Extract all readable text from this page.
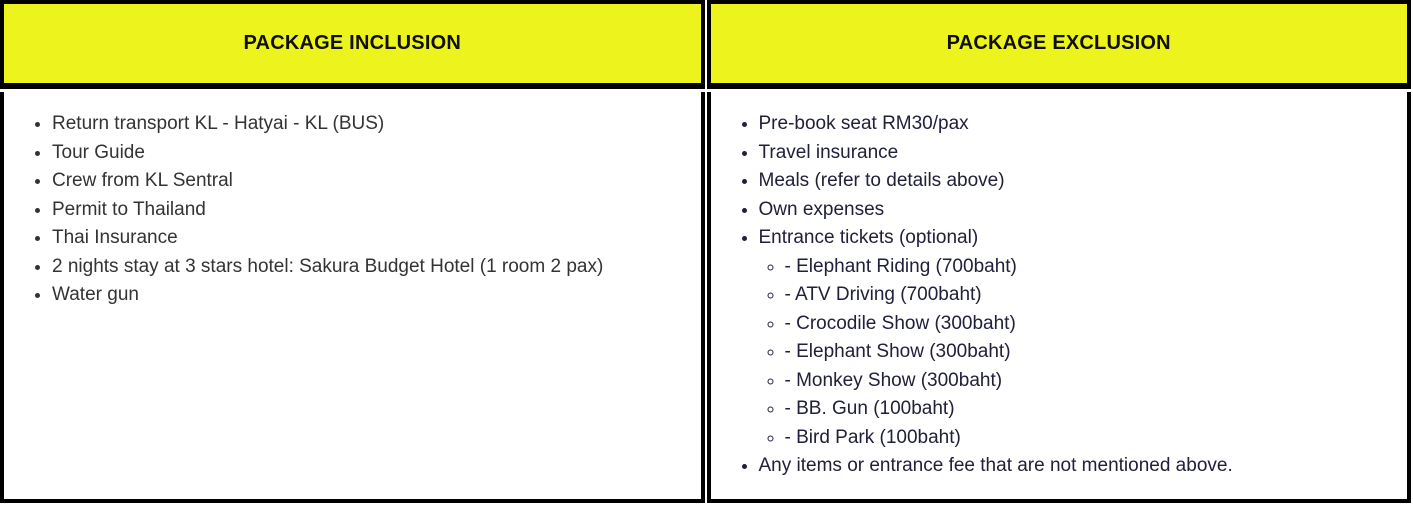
PACKAGE INCLUSION
• Return transport KL - Hatyai - KL (BUS)
• Tour Guide
• Crew from KL Sentral
• Permit to Thailand
• Thai Insurance
• 2 nights stay at 3 stars hotel: Sakura Budget Hotel (1 room 2 pax)
• Water gun
PACKAGE EXCLUSION
• Pre-book seat RM30/pax
• Travel insurance
• Meals (refer to details above)
• Own expenses
• Entrance tickets (optional)
◦ - Elephant Riding (700baht)
◦ - ATV Driving (700baht)
◦ - Crocodile Show (300baht)
◦ - Elephant Show (300baht)
◦ - Monkey Show (300baht)
◦ - BB. Gun (100baht)
◦ - Bird Park (100baht)
• Any items or entrance fee that are not mentioned above.
